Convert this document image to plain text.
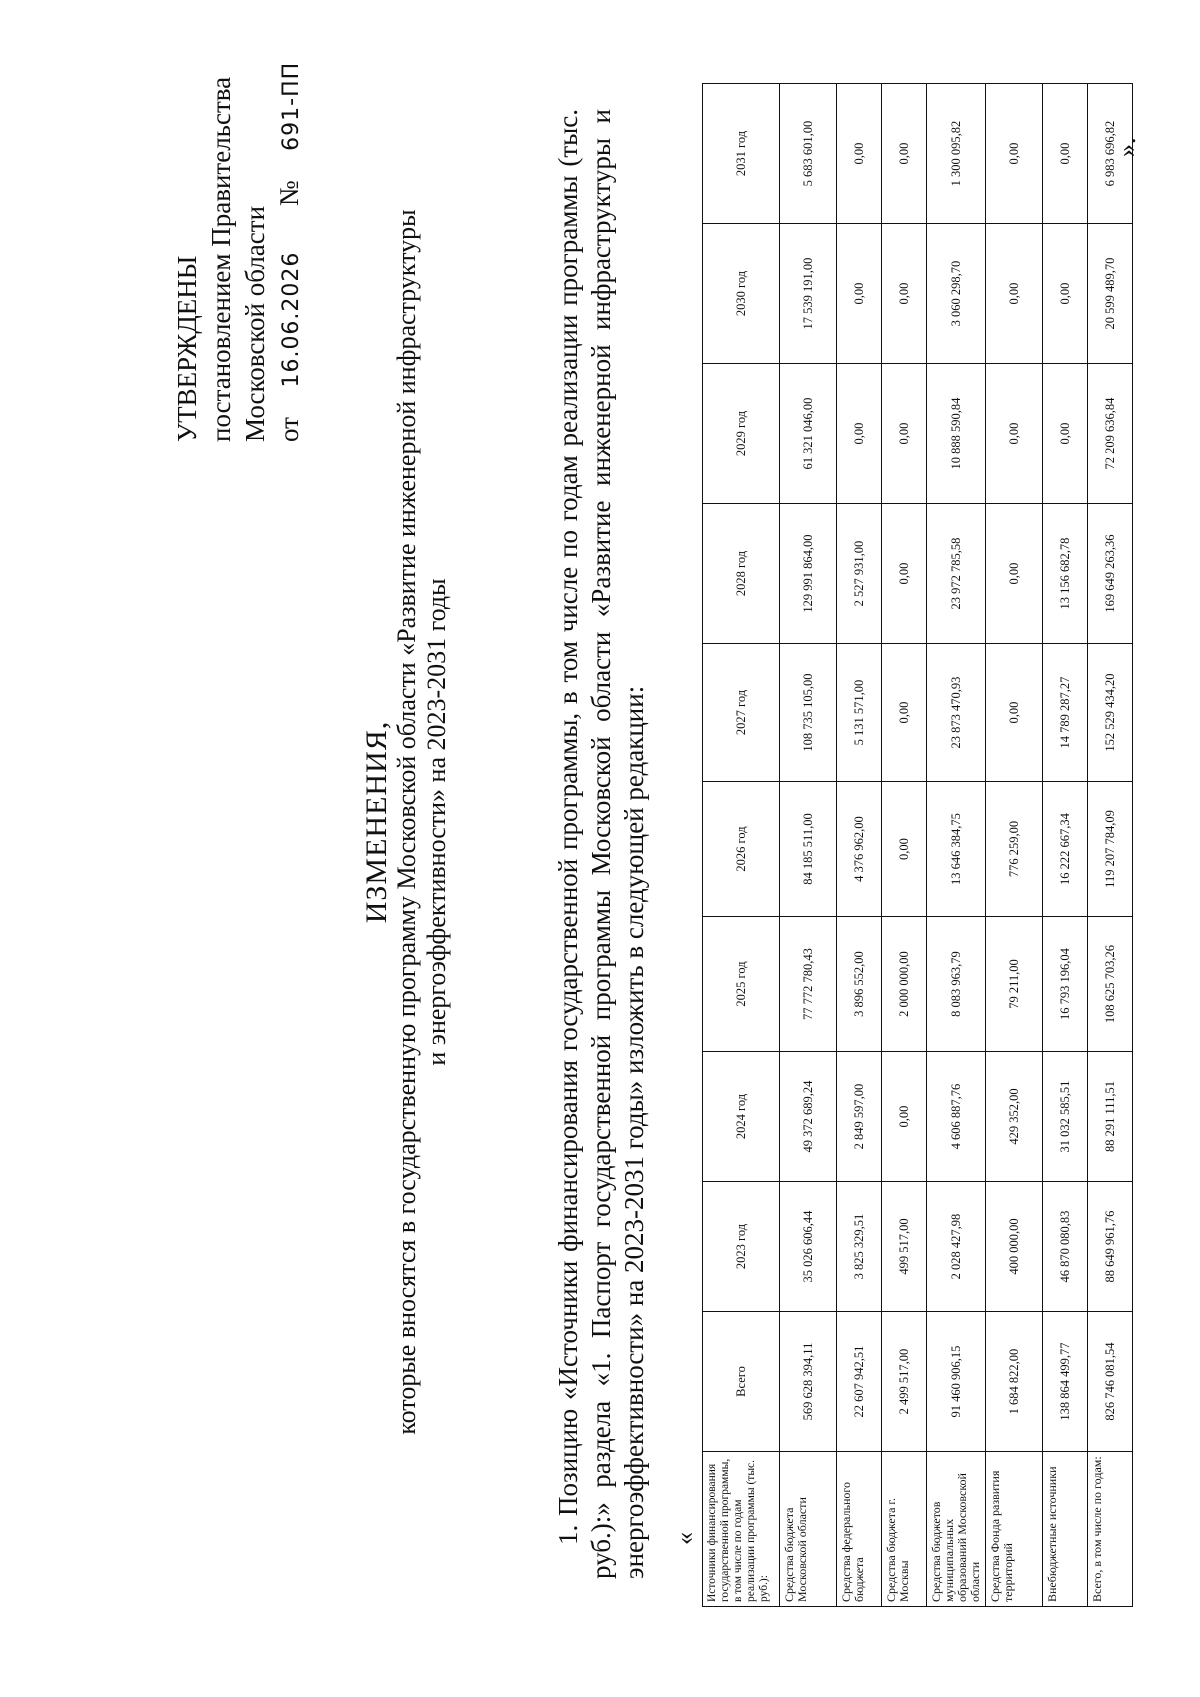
УТВЕРЖДЕНЫ постановлением Правительства Московской области от  16.06.2026  №  691-ПП
ИЗМЕНЕНИЯ, которые вносятся в государственную программу Московской области «Развитие инженерной инфраструктуры и энергоэффективности» на 2023-2031 годы	1. Позицию «Источники финансирования государственной программы, в том числе по годам реализации программы (тыс. руб.):» раздела «1. Паспорт государственной программы Московской области «Развитие инженерной инфраструктуры и энергоэффективности» на 2023-2031 годы» изложить в следующей редакции: « Источники финансирования государственной программы, в том числе по годам реализации программы (тыс. руб.):	Всего	2023 год	2024 год	2025 год	2026 год	2027 год	2028 год	2029 год	2030 год	2031 год
Средства бюджета Московской области	569 628 394,11	35 026 606,44	49 372 689,24	77 772 780,43	84 185 511,00	108 735 105,00	129 991 864,00	61 321 046,00	17 539 191,00	5 683 601,00
Средства федерального бюджета	22 607 942,51	3 825 329,51	2 849 597,00	3 896 552,00	4 376 962,00	5 131 571,00	2 527 931,00	0,00	0,00	0,00
Средства бюджета г. Москвы	2 499 517,00	499 517,00	0,00	2 000 000,00	0,00	0,00	0,00	0,00	0,00	0,00
Средства бюджетов муниципальных образований Московской области	91 460 906,15	2 028 427,98	4 606 887,76	8 083 963,79	13 646 384,75	23 873 470,93	23 972 785,58	10 888 590,84	3 060 298,70	1 300 095,82
Средства Фонда развития территорий	1 684 822,00	400 000,00	429 352,00	79 211,00	776 259,00	0,00	0,00	0,00	0,00	0,00
Внебюджетные источники	138 864 499,77	46 870 080,83	31 032 585,51	16 793 196,04	16 222 667,34	14 789 287,27	13 156 682,78	0,00	0,00	0,00
Всего, в том числе по годам:	826 746 081,54	88 649 961,76	88 291 111,51	108 625 703,26	119 207 784,09	152 529 434,20	169 649 263,36	72 209 636,84	20 599 489,70	6 983 696,82
».
